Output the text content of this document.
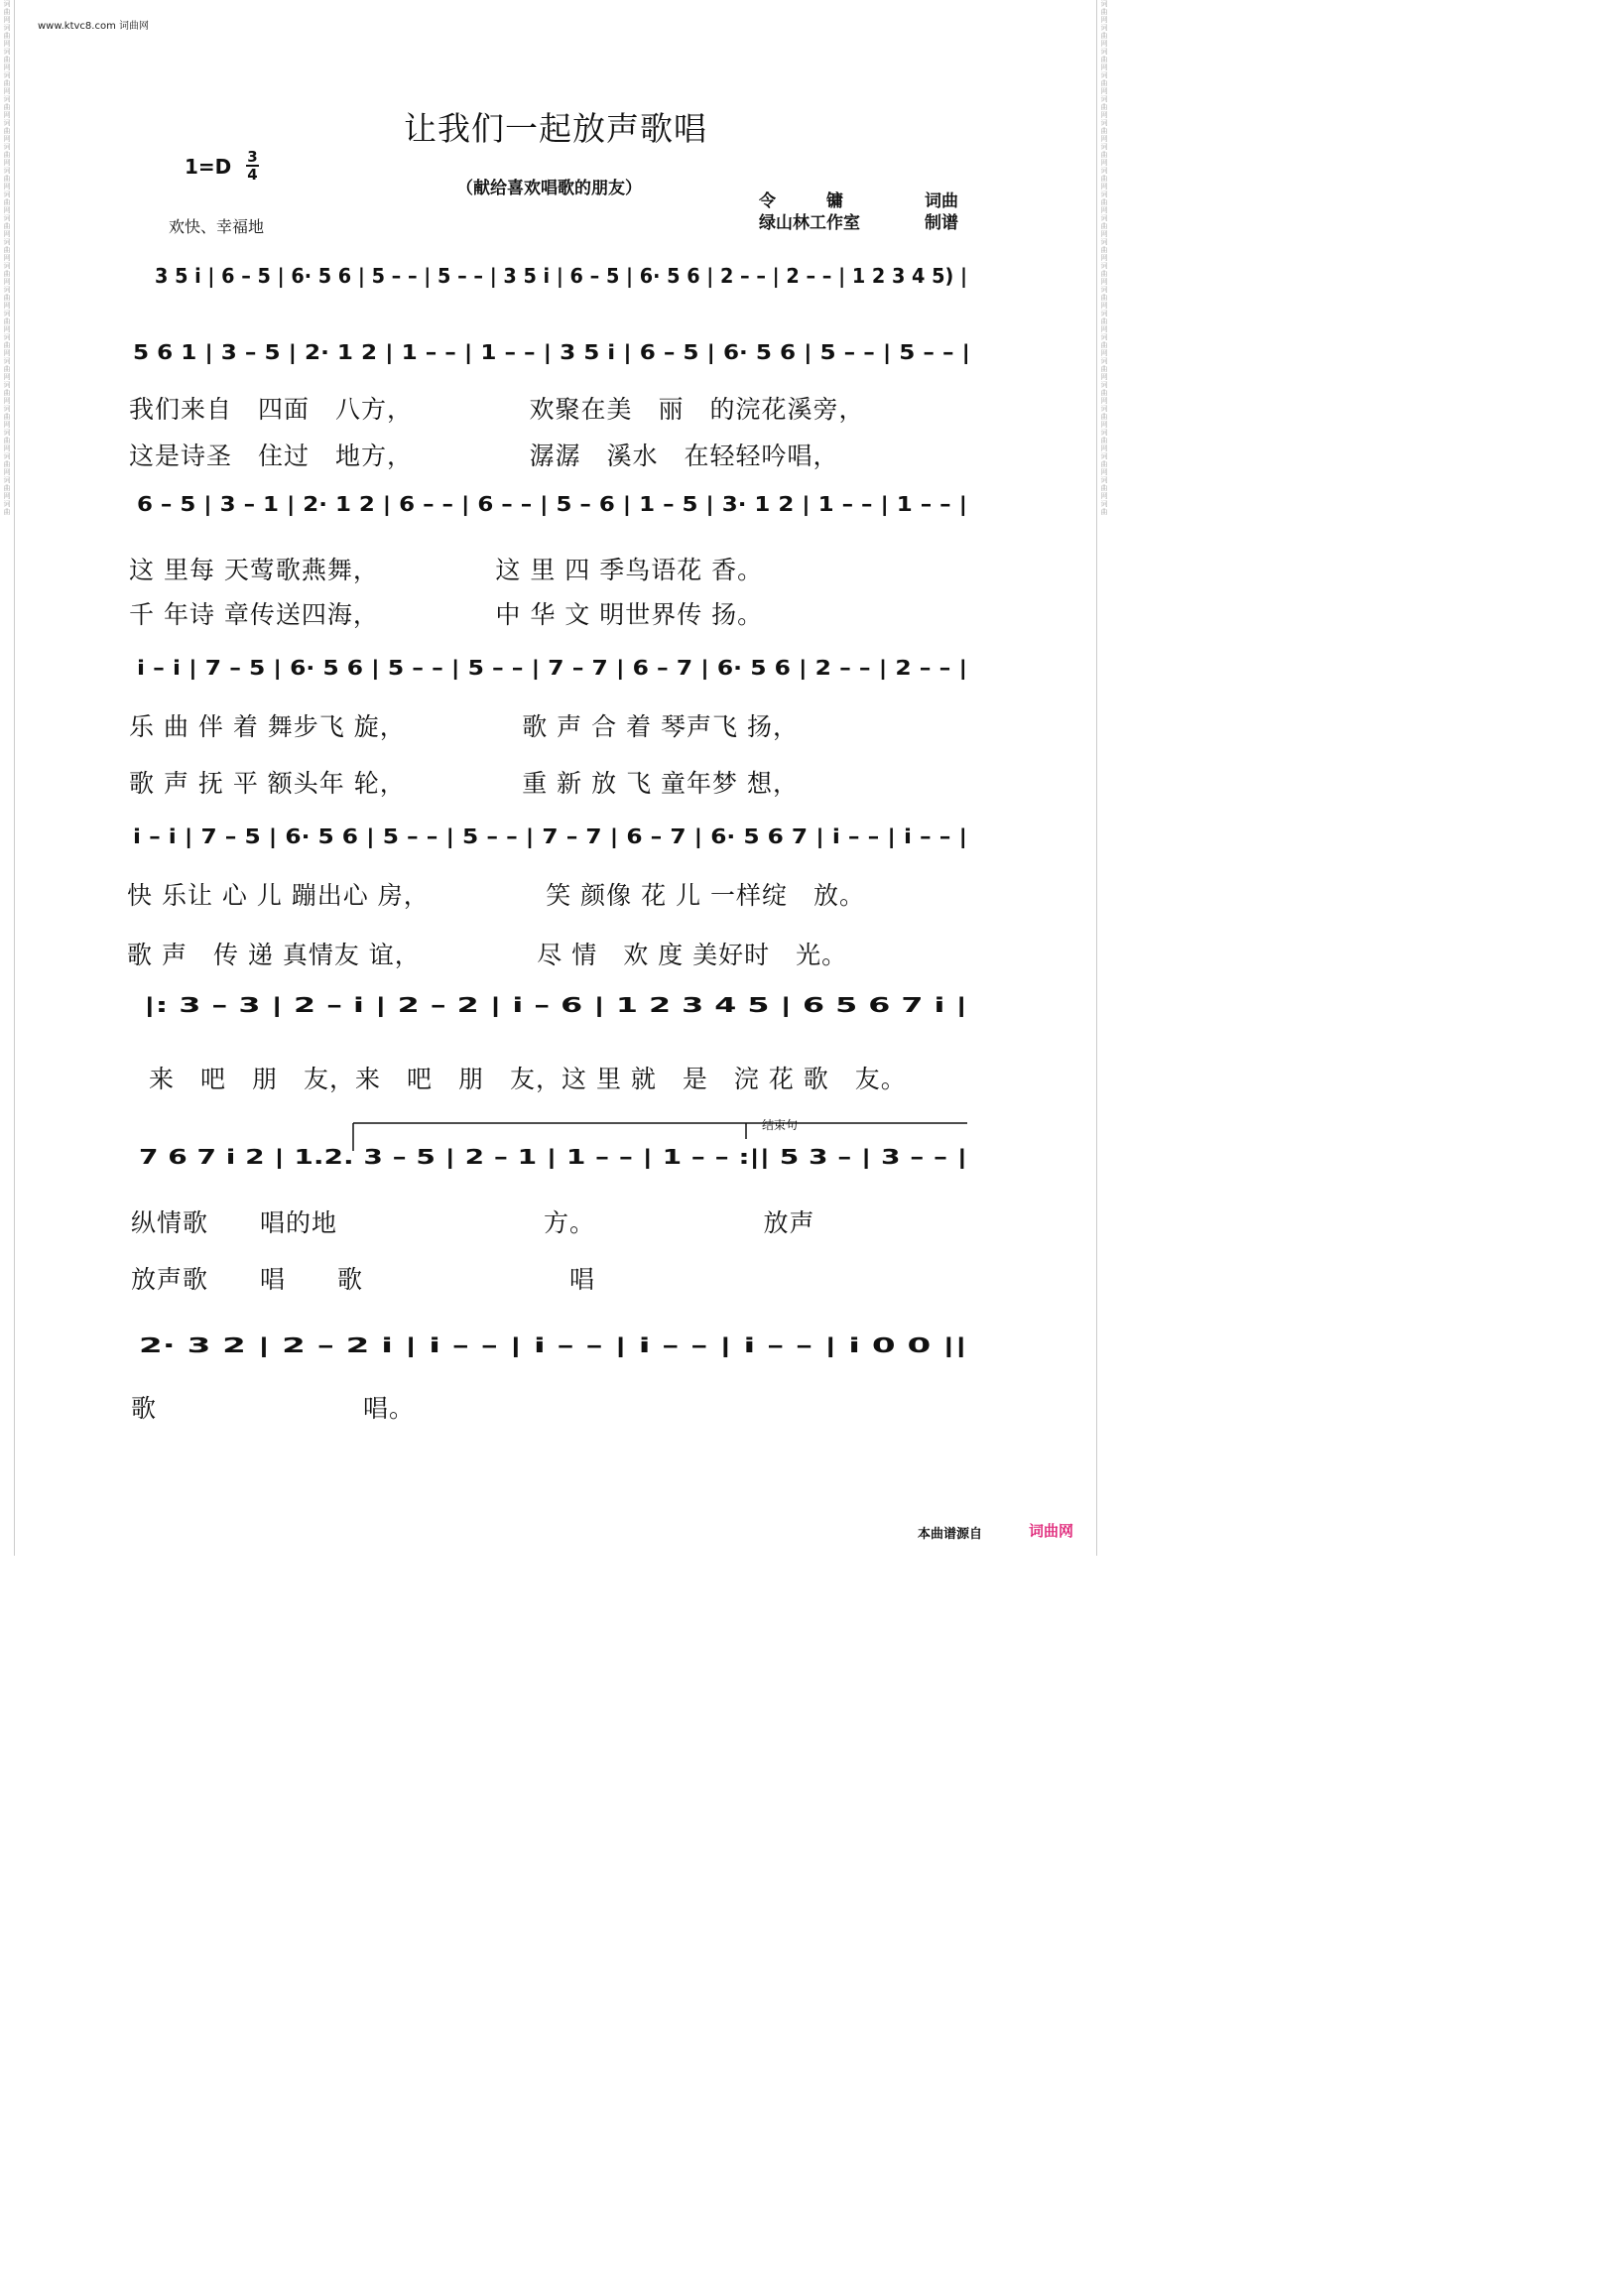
词
曲
网
词
曲
网
词
曲
网
词
曲
网
词
曲
网
词
曲
网
词
曲
网
词
曲
网
词
曲
网
词
曲
网
词
曲
网
词
曲
网
词
曲
网
词
曲
网
词
曲
网
词
曲
网
词
曲
网
词
曲
网
词
曲
网
词
曲
网
词
曲
网
词
曲
词
曲
网
词
曲
网
词
曲
网
词
曲
网
词
曲
网
词
曲
网
词
曲
网
词
曲
网
词
曲
网
词
曲
网
词
曲
网
词
曲
网
词
曲
网
词
曲
网
词
曲
网
词
曲
网
词
曲
网
词
曲
网
词
曲
网
词
曲
网
词
曲
网
词
曲
www.ktvc8.com 词曲网
让我们一起放声歌唱
（献给喜欢唱歌的朋友）
1=D 3
4
欢快、幸福地
令　　　镛	词曲
绿山林工作室	制谱
3 5 i | 6 – 5 | 6· 5 6 | 5 – – | 5 – – | 3 5 i | 6 – 5 | 6· 5 6 | 2 – – | 2 – – | 1 2 3 4 5) |
5 6 1 | 3 – 5 | 2· 1 2 | 1 – – | 1 – – | 3 5 i | 6 – 5 | 6· 5 6 | 5 – – | 5 – – |
6 – 5 | 3 – 1 | 2· 1 2 | 6 – – | 6 – – | 5 – 6 | 1 – 5 | 3· 1 2 | 1 – – | 1 – – |
i – i | 7 – 5 | 6· 5 6 | 5 – – | 5 – – | 7 – 7 | 6 – 7 | 6· 5 6 | 2 – – | 2 – – |
i – i | 7 – 5 | 6· 5 6 | 5 – – | 5 – – | 7 – 7 | 6 – 7 | 6· 5 6 7 | i – – | i – – |
|: 3 – 3 | 2 – i | 2 – 2 | i – 6 | 1 2 3 4 5 | 6 5 6 7 i |
7 6 7 i 2 | 1.2. 3 – 5 | 2 – 1 | 1 – – | 1 – – :|| 5 3 – | 3 – – |
2· 3 2 | 2 – 2 i | i – – | i – – | i – – | i – – | i 0 0 ||
结束句
我们来自　四面　八方，　　　　　欢聚在美　丽　的浣花溪旁，
这是诗圣　住过　地方，　　　　　潺潺　溪水　在轻轻吟唱，
这 里每 天莺歌燕舞，　　　　　这 里 四 季鸟语花 香。
千 年诗 章传送四海，　　　　　中 华 文 明世界传 扬。
乐 曲 伴 着 舞步飞 旋，　　　　　歌 声 合 着 琴声飞 扬，
歌 声 抚 平 额头年 轮，　　　　　重 新 放 飞 童年梦 想，
快 乐让 心 儿 蹦出心 房，　　　　　笑 颜像 花 儿 一样绽　放。
歌 声　传 递 真情友 谊，　　　　　尽 情　欢 度 美好时　光。
来　吧　朋　友，来　吧　朋　友，这 里 就　是　浣 花 歌　友。
纵情歌　　唱的地　　　　　　　　方。　　　　　　　放声
放声歌　　唱　　歌　　　　　　　　唱
歌　　　　　　　　唱。
本曲谱源自	词曲网
